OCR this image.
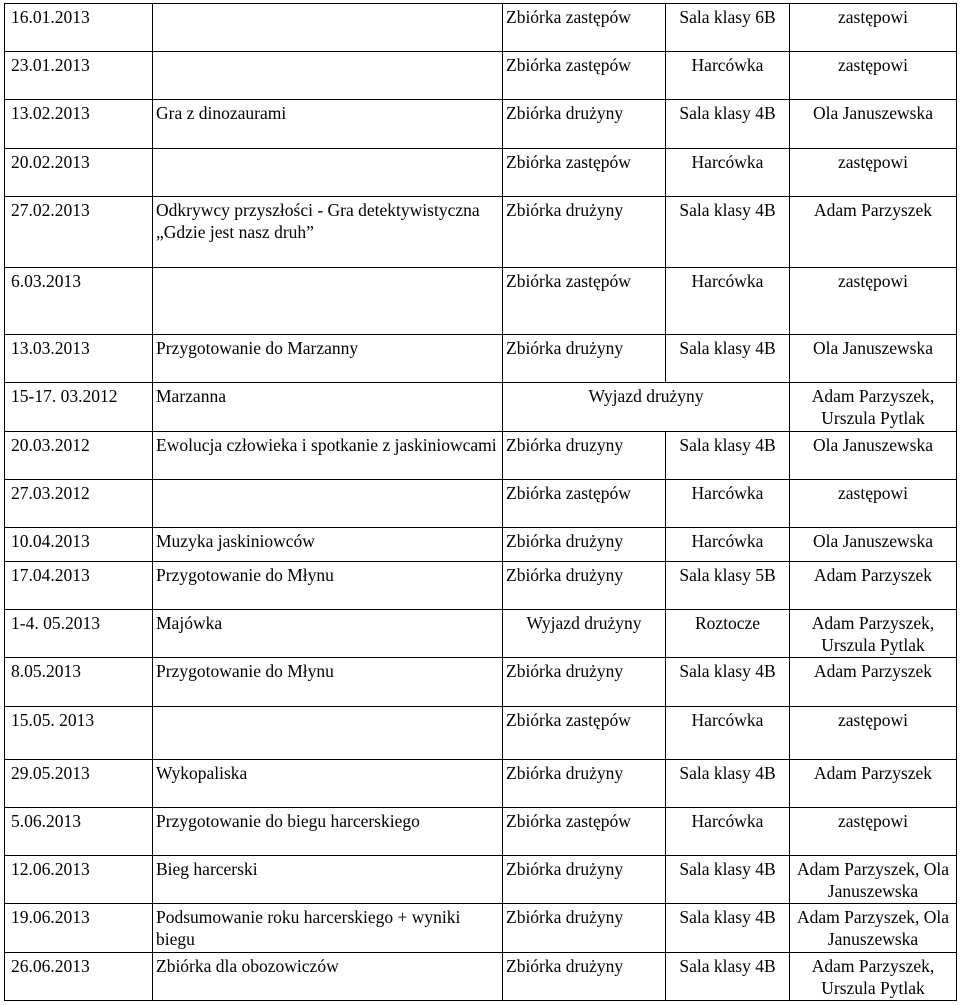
16.01.2013		Zbiórka zastępów	Sala klasy 6B	zastępowi
23.01.2013		Zbiórka zastępów	Harcówka	zastępowi
13.02.2013	Gra z dinozaurami	Zbiórka drużyny	Sala klasy 4B	Ola Januszewska
20.02.2013		Zbiórka zastępów	Harcówka	zastępowi
27.02.2013	Odkrywcy przyszłości - Gra detektywistyczna „Gdzie jest nasz druh”	Zbiórka drużyny	Sala klasy 4B	Adam Parzyszek
6.03.2013		Zbiórka zastępów	Harcówka	zastępowi
13.03.2013	Przygotowanie do Marzanny	Zbiórka drużyny	Sala klasy 4B	Ola Januszewska
15-17. 03.2012	Marzanna	Wyjazd drużyny		Adam Parzyszek, Urszula Pytlak
20.03.2012	Ewolucja człowieka i spotkanie z jaskiniowcami	Zbiórka druzyny	Sala klasy 4B	Ola Januszewska
27.03.2012		Zbiórka zastępów	Harcówka	zastępowi
10.04.2013	Muzyka jaskiniowców	Zbiórka drużyny	Harcówka	Ola Januszewska
17.04.2013	Przygotowanie do Młynu	Zbiórka drużyny	Sala klasy 5B	Adam Parzyszek
1-4. 05.2013	Majówka	Wyjazd drużyny	Roztocze	Adam Parzyszek, Urszula Pytlak
8.05.2013	Przygotowanie do Młynu	Zbiórka drużyny	Sala klasy 4B	Adam Parzyszek
15.05. 2013		Zbiórka zastępów	Harcówka	zastępowi
29.05.2013	Wykopaliska	Zbiórka drużyny	Sala klasy 4B	Adam Parzyszek
5.06.2013	Przygotowanie do biegu harcerskiego	Zbiórka zastępów	Harcówka	zastępowi
12.06.2013	Bieg harcerski	Zbiórka drużyny	Sala klasy 4B	Adam Parzyszek, Ola Januszewska
19.06.2013	Podsumowanie roku harcerskiego + wyniki biegu	Zbiórka drużyny	Sala klasy 4B	Adam Parzyszek, Ola Januszewska
26.06.2013	Zbiórka dla obozowiczów	Zbiórka drużyny	Sala klasy 4B	Adam Parzyszek, Urszula Pytlak
